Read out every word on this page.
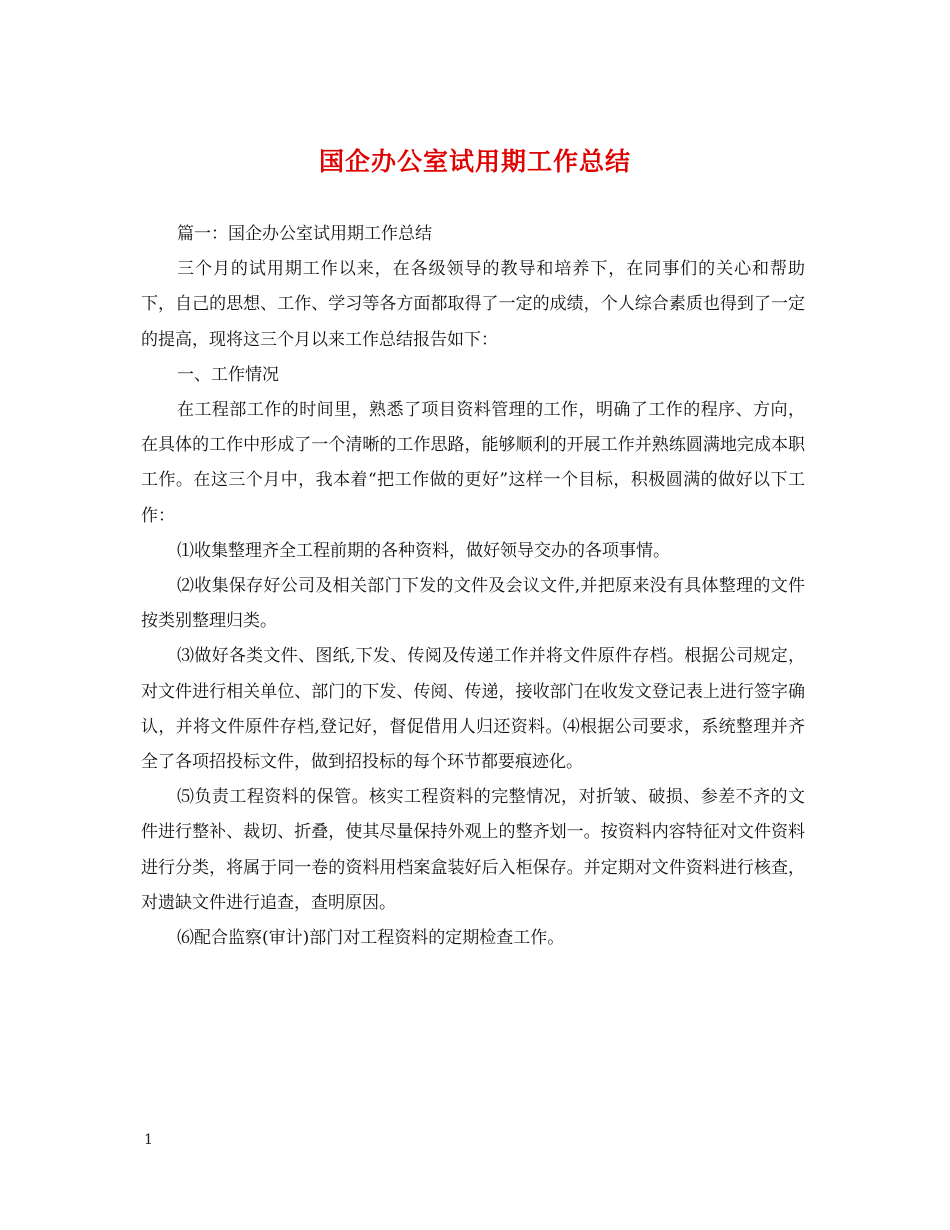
国企办公室试用期工作总结

篇一：国企办公室试用期工作总结

三个月的试用期工作以来，在各级领导的教导和培养下，在同事们的关心和帮助下，自己的思想、工作、学习等各方面都取得了一定的成绩，个人综合素质也得到了一定的提高，现将这三个月以来工作总结报告如下：

一、工作情况

在工程部工作的时间里，熟悉了项目资料管理的工作，明确了工作的程序、方向，在具体的工作中形成了一个清晰的工作思路，能够顺利的开展工作并熟练圆满地完成本职工作。在这三个月中，我本着“把工作做的更好”这样一个目标，积极圆满的做好以下工作：

⑴收集整理齐全工程前期的各种资料，做好领导交办的各项事情。

⑵收集保存好公司及相关部门下发的文件及会议文件,并把原来没有具体整理的文件按类别整理归类。

⑶做好各类文件、图纸,下发、传阅及传递工作并将文件原件存档。根据公司规定，对文件进行相关单位、部门的下发、传阅、传递，接收部门在收发文登记表上进行签字确认，并将文件原件存档,登记好，督促借用人归还资料。⑷根据公司要求，系统整理并齐全了各项招投标文件，做到招投标的每个环节都要痕迹化。

⑸负责工程资料的保管。核实工程资料的完整情况，对折皱、破损、参差不齐的文件进行整补、裁切、折叠，使其尽量保持外观上的整齐划一。按资料内容特征对文件资料进行分类，将属于同一卷的资料用档案盒装好后入柜保存。并定期对文件资料进行核查，对遗缺文件进行追查，查明原因。

⑹配合监察(审计)部门对工程资料的定期检查工作。

1
